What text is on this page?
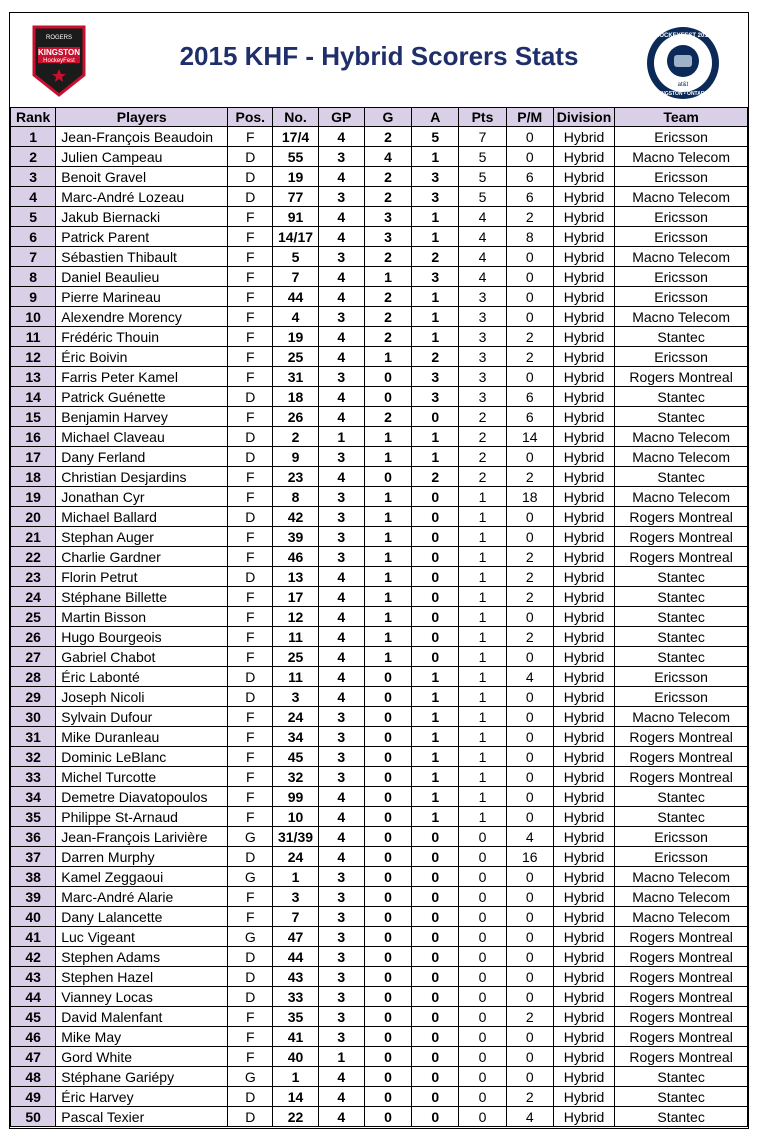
ROGERS
KINGSTON
HockeyFest	2015 KHF - Hybrid Scorers Stats
HOCKEYFEST 2015
KINGSTON • ONTARIO
at&t
Rank	Players	Pos.	No.	GP	G	A	Pts	P/M	Division	Team
1	Jean-François Beaudoin	F	17/4	4	2	5	7	0	Hybrid	Ericsson
2	Julien Campeau	D	55	3	4	1	5	0	Hybrid	Macno Telecom
3	Benoit Gravel	D	19	4	2	3	5	6	Hybrid	Ericsson
4	Marc-André Lozeau	D	77	3	2	3	5	6	Hybrid	Macno Telecom
5	Jakub Biernacki	F	91	4	3	1	4	2	Hybrid	Ericsson
6	Patrick Parent	F	14/17	4	3	1	4	8	Hybrid	Ericsson
7	Sébastien Thibault	F	5	3	2	2	4	0	Hybrid	Macno Telecom
8	Daniel Beaulieu	F	7	4	1	3	4	0	Hybrid	Ericsson
9	Pierre Marineau	F	44	4	2	1	3	0	Hybrid	Ericsson
10	Alexendre Morency	F	4	3	2	1	3	0	Hybrid	Macno Telecom
11	Frédéric Thouin	F	19	4	2	1	3	2	Hybrid	Stantec
12	Éric Boivin	F	25	4	1	2	3	2	Hybrid	Ericsson
13	Farris Peter Kamel	F	31	3	0	3	3	0	Hybrid	Rogers Montreal
14	Patrick Guénette	D	18	4	0	3	3	6	Hybrid	Stantec
15	Benjamin Harvey	F	26	4	2	0	2	6	Hybrid	Stantec
16	Michael Claveau	D	2	1	1	1	2	14	Hybrid	Macno Telecom
17	Dany Ferland	D	9	3	1	1	2	0	Hybrid	Macno Telecom
18	Christian Desjardins	F	23	4	0	2	2	2	Hybrid	Stantec
19	Jonathan Cyr	F	8	3	1	0	1	18	Hybrid	Macno Telecom
20	Michael Ballard	D	42	3	1	0	1	0	Hybrid	Rogers Montreal
21	Stephan Auger	F	39	3	1	0	1	0	Hybrid	Rogers Montreal
22	Charlie Gardner	F	46	3	1	0	1	2	Hybrid	Rogers Montreal
23	Florin Petrut	D	13	4	1	0	1	2	Hybrid	Stantec
24	Stéphane Billette	F	17	4	1	0	1	2	Hybrid	Stantec
25	Martin Bisson	F	12	4	1	0	1	0	Hybrid	Stantec
26	Hugo Bourgeois	F	11	4	1	0	1	2	Hybrid	Stantec
27	Gabriel Chabot	F	25	4	1	0	1	0	Hybrid	Stantec
28	Éric Labonté	D	11	4	0	1	1	4	Hybrid	Ericsson
29	Joseph Nicoli	D	3	4	0	1	1	0	Hybrid	Ericsson
30	Sylvain Dufour	F	24	3	0	1	1	0	Hybrid	Macno Telecom
31	Mike Duranleau	F	34	3	0	1	1	0	Hybrid	Rogers Montreal
32	Dominic LeBlanc	F	45	3	0	1	1	0	Hybrid	Rogers Montreal
33	Michel Turcotte	F	32	3	0	1	1	0	Hybrid	Rogers Montreal
34	Demetre Diavatopoulos	F	99	4	0	1	1	0	Hybrid	Stantec
35	Philippe St-Arnaud	F	10	4	0	1	1	0	Hybrid	Stantec
36	Jean-François Larivière	G	31/39	4	0	0	0	4	Hybrid	Ericsson
37	Darren Murphy	D	24	4	0	0	0	16	Hybrid	Ericsson
38	Kamel Zeggaoui	G	1	3	0	0	0	0	Hybrid	Macno Telecom
39	Marc-André Alarie	F	3	3	0	0	0	0	Hybrid	Macno Telecom
40	Dany Lalancette	F	7	3	0	0	0	0	Hybrid	Macno Telecom
41	Luc Vigeant	G	47	3	0	0	0	0	Hybrid	Rogers Montreal
42	Stephen Adams	D	44	3	0	0	0	0	Hybrid	Rogers Montreal
43	Stephen Hazel	D	43	3	0	0	0	0	Hybrid	Rogers Montreal
44	Vianney Locas	D	33	3	0	0	0	0	Hybrid	Rogers Montreal
45	David Malenfant	F	35	3	0	0	0	2	Hybrid	Rogers Montreal
46	Mike May	F	41	3	0	0	0	0	Hybrid	Rogers Montreal
47	Gord White	F	40	1	0	0	0	0	Hybrid	Rogers Montreal
48	Stéphane Gariépy	G	1	4	0	0	0	0	Hybrid	Stantec
49	Éric Harvey	D	14	4	0	0	0	2	Hybrid	Stantec
50	Pascal Texier	D	22	4	0	0	0	4	Hybrid	Stantec
